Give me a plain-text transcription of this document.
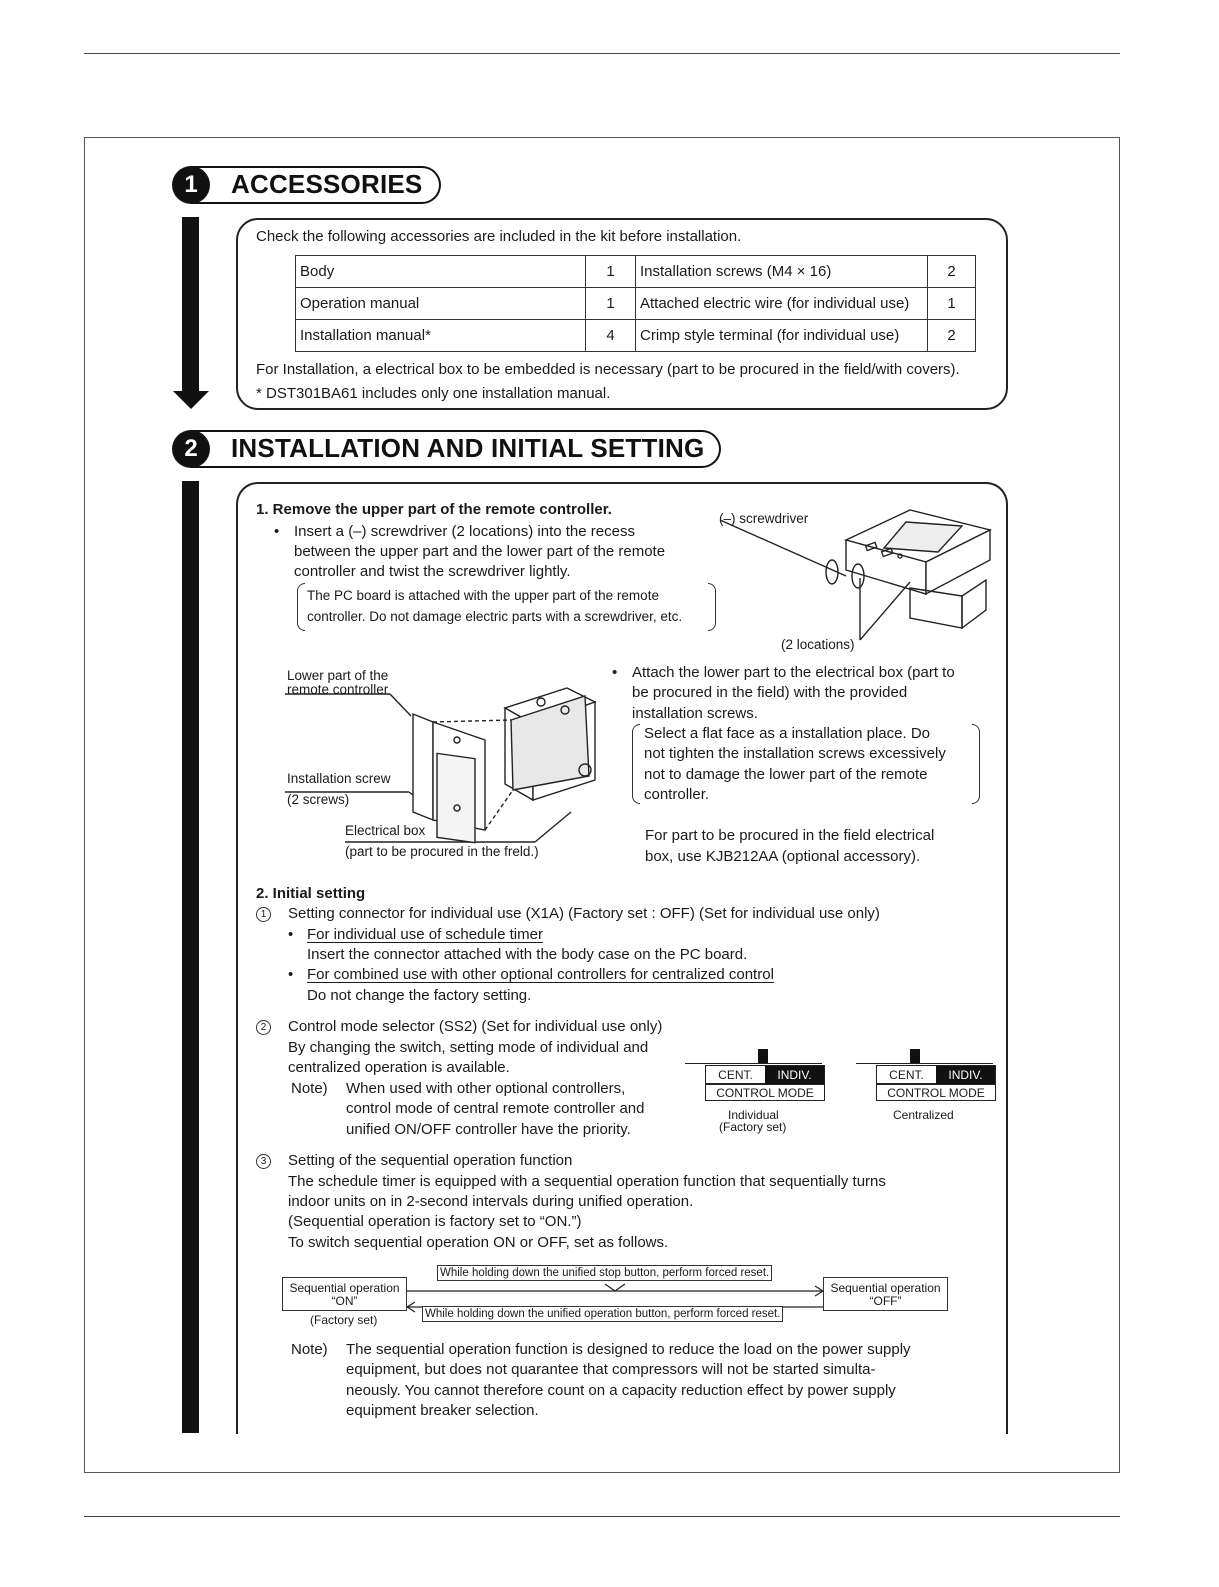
1	ACCESSORIES
Check the following accessories are included in the kit before installation.
Body	1	Installation screws (M4 × 16)	2
Operation manual	1	Attached electric wire (for individual use)	1
Installation manual*	4	Crimp style terminal (for individual use)	2
For Installation, a electrical box to be embedded is necessary (part to be procured in the field/with covers).
* DST301BA61 includes only one installation manual.
2	INSTALLATION AND INITIAL SETTING
1. Remove the upper part of the remote controller.
• Insert a (–) screwdriver (2 locations) into the recess
between the upper part and the lower part of the remote
controller and twist the screwdriver lightly.
The PC board is attached with the upper part of the remote
controller. Do not damage electric parts with a screwdriver, etc.
(–) screwdriver
(2 locations)
Lower part of the
remote controller
Installation screw
(2 screws)
Electrical box
(part to be procured in the freld.)
• Attach the lower part to the electrical box (part to
be procured in the field) with the provided
installation screws.
Select a flat face as a installation place. Do
not tighten the installation screws excessively
not to damage the lower part of the remote
controller.
For part to be procured in the field electrical
box, use KJB212AA (optional accessory).
2. Initial setting
1	Setting connector for individual use (X1A) (Factory set : OFF) (Set for individual use only)
• For individual use of schedule timer
Insert the connector attached with the body case on the PC board.
• For combined use with other optional controllers for centralized control
Do not change the factory setting.
2	Control mode selector (SS2) (Set for individual use only)
By changing the switch, setting mode of individual and
centralized operation is available.
Note) When used with other optional controllers,
control mode of central remote controller and
unified ON/OFF controller have the priority.
CENT.	INDIV.
CONTROL MODE
Individual
(Factory set)
CENT.	INDIV.
CONTROL MODE
Centralized
3	Setting of the sequential operation function
The schedule timer is equipped with a sequential operation function that sequentially turns
indoor units on in 2-second intervals during unified operation.
(Sequential operation is factory set to “ON.”)
To switch sequential operation ON or OFF, set as follows.
Sequential operation
“ON”
(Factory set)
Sequential operation
“OFF”
While holding down the unified stop button, perform forced reset.
While holding down the unified operation button, perform forced reset.
Note) The sequential operation function is designed to reduce the load on the power supply
equipment, but does not quarantee that compressors will not be started simulta-
neously. You cannot therefore count on a capacity reduction effect by power supply
equipment breaker selection.
